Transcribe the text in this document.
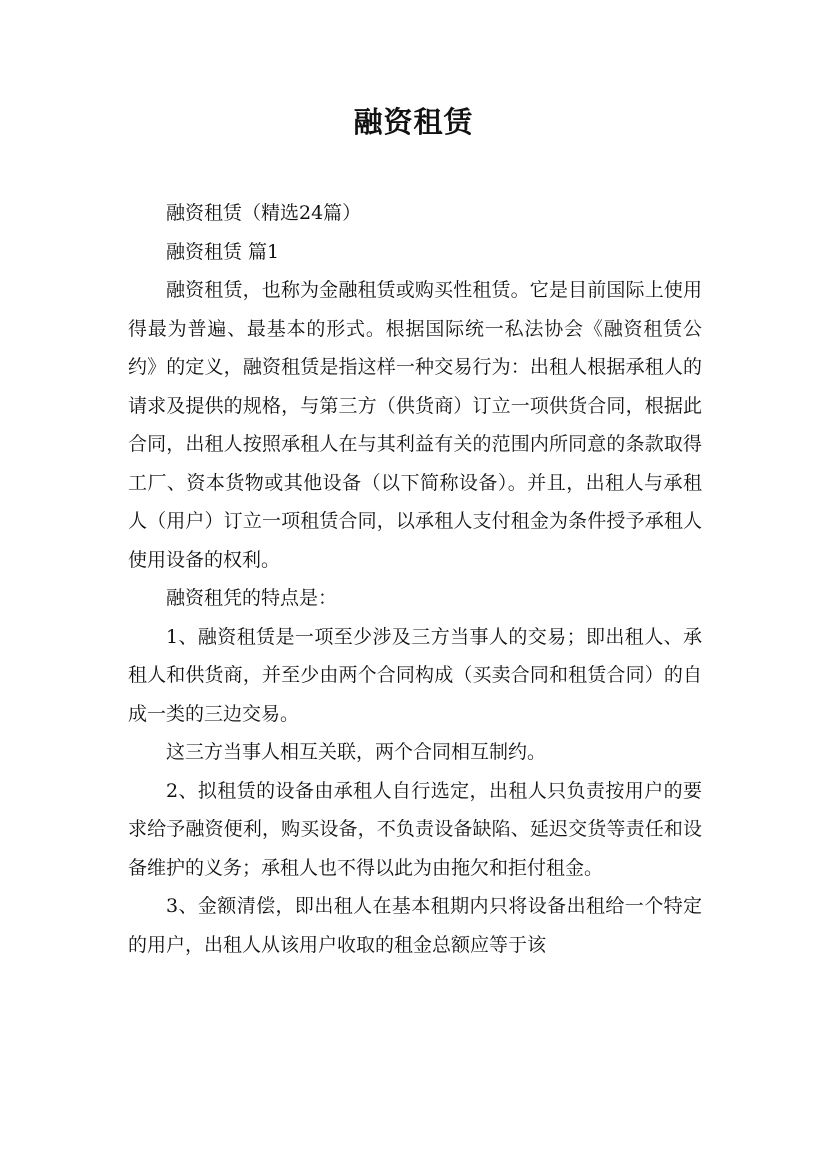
融资租赁

融资租赁（精选24篇）

融资租赁 篇1

融资租赁，也称为金融租赁或购买性租赁。它是目前国际上使用得最为普遍、最基本的形式。根据国际统一私法协会《融资租赁公约》的定义，融资租赁是指这样一种交易行为：出租人根据承租人的请求及提供的规格，与第三方（供货商）订立一项供货合同，根据此合同，出租人按照承租人在与其利益有关的范围内所同意的条款取得工厂、资本货物或其他设备（以下简称设备）。并且，出租人与承租人（用户）订立一项租赁合同，以承租人支付租金为条件授予承租人使用设备的权利。

融资租凭的特点是：

1、融资租赁是一项至少涉及三方当事人的交易；即出租人、承租人和供货商，并至少由两个合同构成（买卖合同和租赁合同）的自成一类的三边交易。

这三方当事人相互关联，两个合同相互制约。

2、拟租赁的设备由承租人自行选定，出租人只负责按用户的要求给予融资便利，购买设备，不负责设备缺陷、延迟交货等责任和设备维护的义务；承租人也不得以此为由拖欠和拒付租金。

3、金额清偿，即出租人在基本租期内只将设备出租给一个特定的用户，出租人从该用户收取的租金总额应等于该
